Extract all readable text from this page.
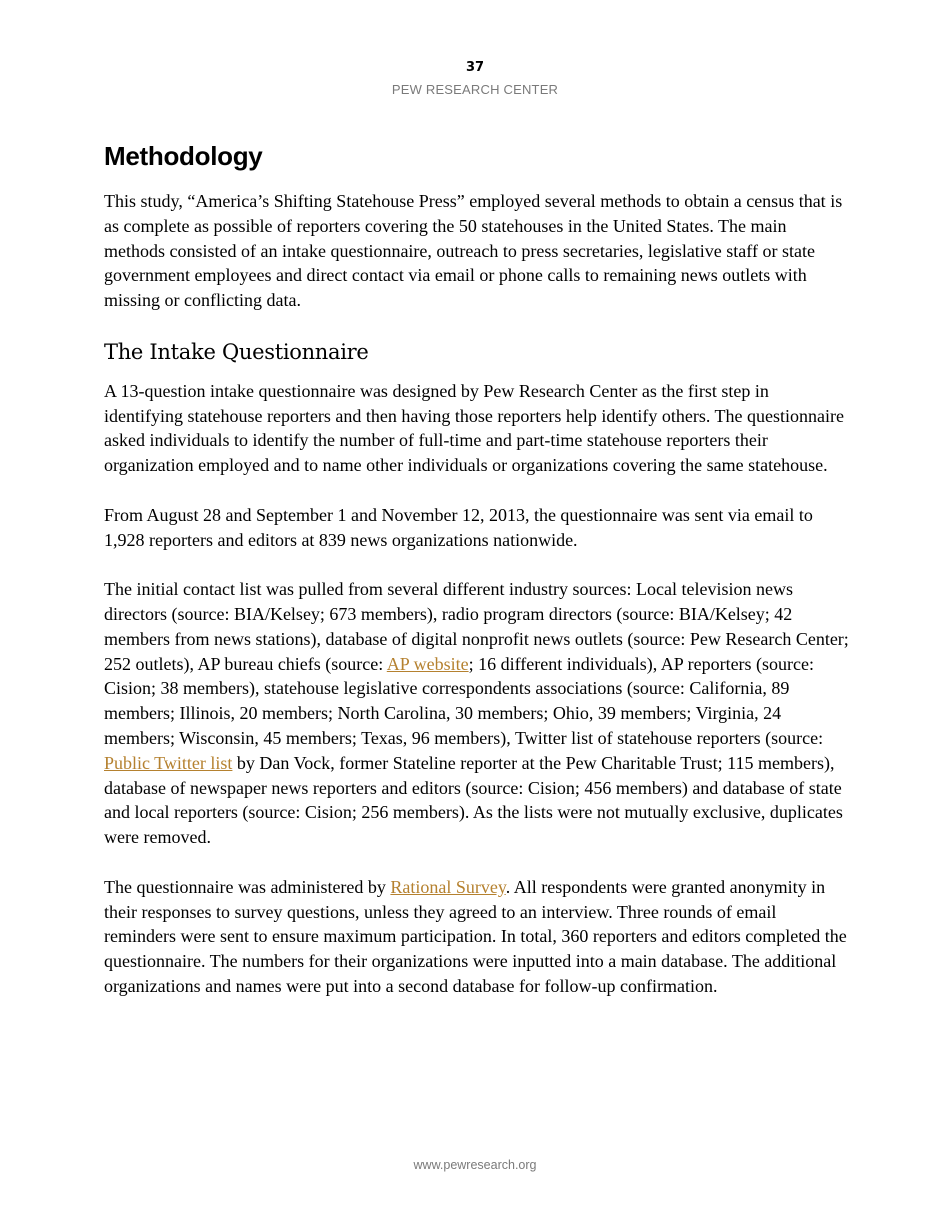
37
PEW RESEARCH CENTER
Methodology

This study, “America’s Shifting Statehouse Press” employed several methods to obtain a census that is as complete as possible of reporters covering the 50 statehouses in the United States. The main methods consisted of an intake questionnaire, outreach to press secretaries, legislative staff or state government employees and direct contact via email or phone calls to remaining news outlets with missing or conflicting data.

The Intake Questionnaire

A 13-question intake questionnaire was designed by Pew Research Center as the first step in identifying statehouse reporters and then having those reporters help identify others. The questionnaire asked individuals to identify the number of full-time and part-time statehouse reporters their organization employed and to name other individuals or organizations covering the same statehouse.

From August 28 and September 1 and November 12, 2013, the questionnaire was sent via email to 1,928 reporters and editors at 839 news organizations nationwide.

The initial contact list was pulled from several different industry sources: Local television news directors (source: BIA/Kelsey; 673 members), radio program directors (source: BIA/Kelsey; 42 members from news stations), database of digital nonprofit news outlets (source: Pew Research Center; 252 outlets), AP bureau chiefs (source: AP website; 16 different individuals), AP reporters (source: Cision; 38 members), statehouse legislative correspondents associations (source: California, 89 members; Illinois, 20 members; North Carolina, 30 members; Ohio, 39 members; Virginia, 24 members; Wisconsin, 45 members; Texas, 96 members), Twitter list of statehouse reporters (source: Public Twitter list by Dan Vock, former Stateline reporter at the Pew Charitable Trust; 115 members), database of newspaper news reporters and editors (source: Cision; 456 members) and database of state and local reporters (source: Cision; 256 members). As the lists were not mutually exclusive, duplicates were removed.

The questionnaire was administered by Rational Survey. All respondents were granted anonymity in their responses to survey questions, unless they agreed to an interview. Three rounds of email reminders were sent to ensure maximum participation. In total, 360 reporters and editors completed the questionnaire. The numbers for their organizations were inputted into a main database. The additional organizations and names were put into a second database for follow-up confirmation.

www.pewresearch.org
